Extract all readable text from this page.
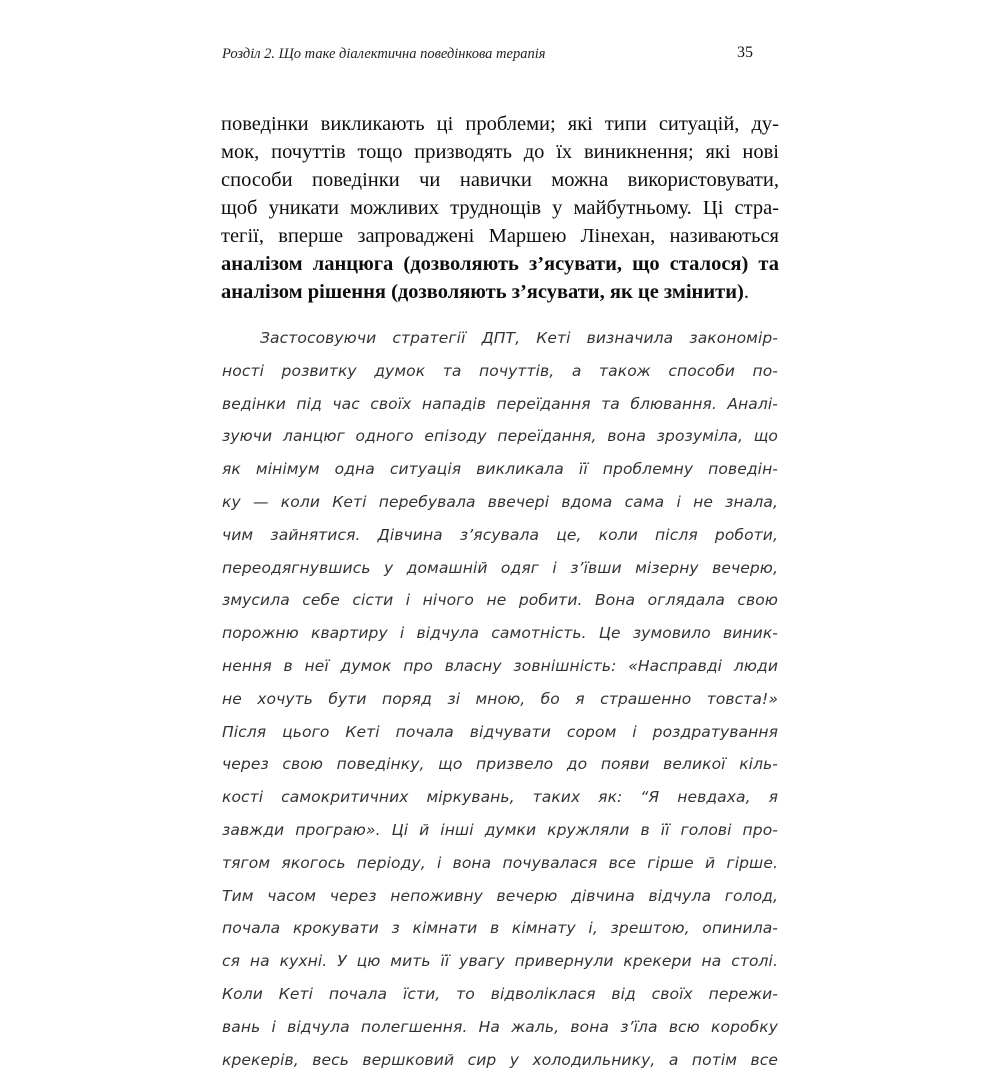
Розділ 2. Що таке діалектична поведінкова терапія	35
поведінки викликають ці проблеми; які типи ситуацій, ду-
мок, почуттів тощо призводять до їх виникнення; які нові
способи поведінки чи навички можна використовувати,
щоб уникати можливих труднощів у майбутньому. Ці стра-
тегії, вперше запроваджені Маршею Лінехан, називаються
аналізом ланцюга (дозволяють з’ясувати, що сталося) та
аналізом рішення (дозволяють з’ясувати, як це змінити).
Застосовуючи стратегії ДПТ, Кеті визначила закономір-
ності розвитку думок та почуттів, а також способи по-
ведінки під час своїх нападів переїдання та блювання. Аналі-
зуючи ланцюг одного епізоду переїдання, вона зрозуміла, що
як мінімум одна ситуація викликала її проблемну поведін-
ку — коли Кеті перебувала ввечері вдома сама і не знала,
чим зайнятися. Дівчина з’ясувала це, коли після роботи,
переодягнувшись у домашній одяг і з’ївши мізерну вечерю,
змусила себе сісти і нічого не робити. Вона оглядала свою
порожню квартиру і відчула самотність. Це зумовило виник-
нення в неї думок про власну зовнішність: «Насправді люди
не хочуть бути поряд зі мною, бо я страшенно товста!»
Після цього Кеті почала відчувати сором і роздратування
через свою поведінку, що призвело до появи великої кіль-
кості самокритичних міркувань, таких як: “Я невдаха, я
завжди програю». Ці й інші думки кружляли в її голові про-
тягом якогось періоду, і вона почувалася все гірше й гірше.
Тим часом через непоживну вечерю дівчина відчула голод,
почала крокувати з кімнати в кімнату і, зрештою, опинила-
ся на кухні. У цю мить її увагу привернули крекери на столі.
Коли Кеті почала їсти, то відволіклася від своїх пережи-
вань і відчула полегшення. На жаль, вона з’їла всю коробку
крекерів, весь вершковий сир у холодильнику, а потім все
